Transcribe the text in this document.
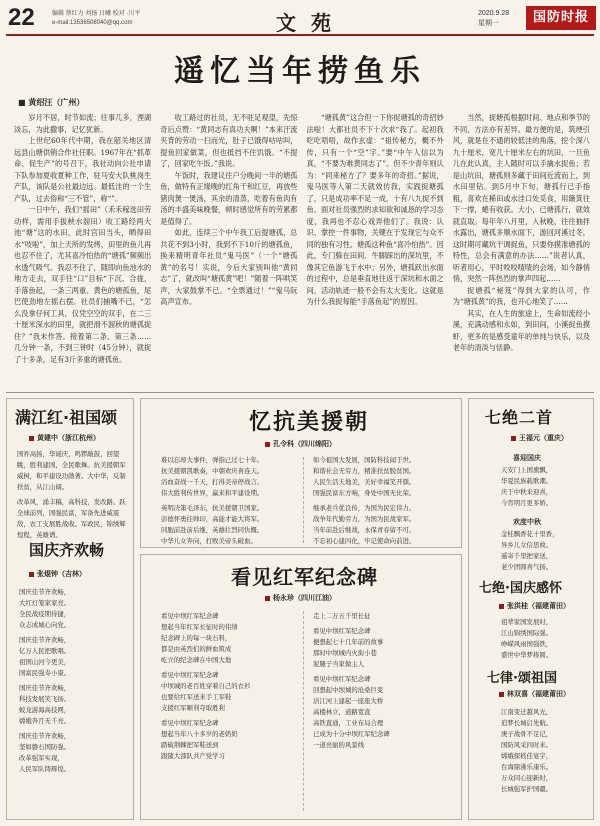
22	编辑 蔡红力 刘扬 日曦 校对 ·川平
e-mail:13536508040@qq.com	文 苑	2020.9.28
星期一	国防时报
遥忆当年捞鱼乐
■ 黄绍汪（广州）

岁月不居，时节如流；往事几多，湮湖淡忘，为此撒事，记忆犹新。

上世纪60年代中期，我在韶关地区清远县山塘供销合作社任职。1967年在“抓革命、促生产”的号召下，我社动向公社申请下队参加夏收夏种工作，驻马安大队桃岗生产队，该队是公社最边远、最低洼的一个生产队，过去俗称“三不管”，称“”。

一日中午，我们“摇田”（禾禾稼选田劳动样，需用手拔秧水溜田）收工路经两大池“塘”这的水田，此时宫田当头，晒得田水“吱啦”，加上天所的发烤，田里的鱼儿再也忍不住了，尤其喜冷怕热的“塘孤”频频出水透气吸气。我忍不住了，随即向鱼池水的地方走去，双手往“口”目标“下沉、合拢，手落鱼起，一条三两重、黄色的塘孤鱼，尾巴使劲地左摇右摆。社员们捕嘴不已，“怎么没拿仔何工具，仅凭空空的双手，在二三十厘米深水的田里，就把滑不溜秋的塘孤捉住？”我未作答。接着第二条、第三条……几分钟一条，不到三钟时（45分钟），就捉了十多条，足有3斤多重的塘孤鱼。

收工路过的社员，无不驻足观望，先惊奇后点赞：“黄同志有真功夫啊！”本来汗流夹背的劳动一扫而光，肚子已饿得咕咕叫，提鱼回家做菜，但也抵挡不住饥饿。“不提了，回家吃午饭。”我说。

午饭时，我建议往户分晚间一半的塘孤鱼，做特有正缘晚的红角干和红豆，再放些猪肉煲一煲汤，其余的清蒸，吃着有鱼肉有汤的丰盛美味晚餐，顿时感觉所有的劳累都是值得了。

如此，连续三个中午我工后提塘孤，总共花不到3小时，我到不下10斤的塘孤鱼，换来精明青年社员“鬼马医”（一个“塘孤黄”的名号！实说，今后大家别叫他“黄同志”了，就改叫“塘孤黄”吧！”随着一阵哄笑声，大家鼓掌不已。“全票通过！”“鬼马阮高声宣布。

“塘孤黄”这合但一下你捉塘孤的奇招妙法啦！大都社员不下十次求“我了。起初我吃吃唔唔，故作玄虚：“祖传秘方，概不外传，只有一个“空”字。”要“中午人信以为真，“不要为难黄同志了”。但不少青年则认为：“同来秘方了？要多年的奇招。”据说，鬼马医等人第二天就效仿我，实践捉塘孤了，只是成功率不足一成，十有八九捉不到鱼。面对社员强烈的求知欲和诚恳的学习态度，我再也不忍心戏弄他们了。我说：认识、掌控一件事物，关键在于发现它与众不同的独有习性。塘孤这种鱼“喜冷怕热”。因此，专门躲在田间、牛脚踩出的深坑里，不像其它鱼游飞于水中；另外，塘孤跃出水面的过程中，总是垂直地往返于深坑和水面之间，活动轨迹一般不会有太大变化。这就是为什么我捉每能“手落鱼起”的原因。

当然，捉塘孤根据时间、地点和季节的不同，方法亦有差异。最方便的是，筑埂引风，就是在不通的较低洼的角落，挖个深八九十厘米，宽几十厘米左右的坑田，一旦鱼儿在此认真，主人随时可以手擒水捉鱼；若是山坑田，塘孤则多藏于田间近流而上，到水田里钻。到5月中下旬，塘孤行已手指粗，喜欢在稀田或水洼口处觅食，用簸箕往下一撑，蜷有收获。大小，已塘孤行，就效就直取。每年年八月里，入秋晚，往往抽拌水露出，塘孤多顺水面下，游回河溪过冬，这时期可藏坑干调捉鱼，只要你摸准塘孤的特性，总会有满意的办法……”说者认真，听者用心，平时咬咬喳喳的会场，如今静悄悄，突然一阵热烈的掌声四起……

捉塘孤“秘笈”得到大家的认可，作为“塘孤黄”的我，也开心地笑了……

其实，在人生的旅途上，生命如流经小溪，充满动感和永如，到田间，小溪捉鱼摸虾，更多的是感受童年的单纯与快乐，以及老年的清淡与恬静。

满江红·祖国颂
黄建中（浙江杭州）

国祚高扬，华诞庆，鸣锣敲鼓，回望眺，胜利建国，全民歌舞。抗美援朝军威树，和平建设功勋著。大中华，反制扶贫，从江山阔。

改革风，涌丰稿，高科技，发改路。跃全球前列，国强民富，军备先进威震敌，农工支展胜战收。军政民，锦绣辉煌程，英雄谱。

国庆齐欢畅
张焜钟（吉林）

国庆佳节齐欢畅，
大红灯笼家家亮。
全民战疫期待捷，
众志成城心向党。

国庆佳节齐欢畅，
亿万人民把歌唱。
祖国山河今更美，
国富民强寿小康。

国庆佳节齐欢畅，
科技发展笑飞扬。
蛟龙游海高技网，
嫦娥奔月无千亮。

国庆佳节齐欢畅，
坚如磐石国防强。
改革强军实现，
人民军队铸辉煌。

忆抗美援朝
孔令科（四川绵阳）

难以忘却大事件，弹指已过七十年。
抗美援朝凯歌奏，中朝欢庆喜连天。
浴血奋战一千天，打得美帝停战言。
伟大胜利传世界，赢来和平建设期。

英明决策毛泽东，抗美援朝卫国家。
彭德怀勇挂帅印，高能才能大将军。
同胞前赴前后继，英雄壮烈同仇慨。
中华儿女奔向，打败美帝头破血。

如今祖国大发展，国防科技闻于世。
和谐社会无穷力，精准扶贫脱贫国。
人民生活天地美，美好幸福笑开颜。
国强民富东方响，身处中国无比荣。

继承老兵优良传，为国为民宏伟力。
战争年代勤劳力，为国为民战家军。
当年前赴后继战，永保青春留不可。
不忘初心建四化，牢记使命向前进。

看见红军纪念碑
杨永珍（四川江油）

看见中坝红军纪念碑
想起当年红军长征时的伟绩
纪念碑上的每一块石料，
都是由英烈们的鲜血筑成
屹立的纪念碑在中国大地

看见中坝红军纪念碑
中坝城的老百姓穿着自己的衣衫
也要给红军送来手工军鞋
支援红军顺利夺取胜利

看见中坝红军纪念碑
想起当年八十多岁的老奶奶
踏破荆棘把军鞋送到
跟随大部队共产党学习

走上二万五千里长征

看见中坝红军纪念碑
便想起七十几年前的故事
那时中坝城内火街小巷
泥腿子当家做主人

看见中坝红军纪念碑
回想起中坝城的沧桑巨变
涪江河上建起一座座大桥
高楼林立，道路宽直
高铁直通，工业布局合理
已成为十分中坝红军纪念碑
一道亮丽的风景线

七绝二首
王福元（重庆）
喜迎国庆
天安门上国旗飘，
华夏民族载歌潮。
庆于中秋来迎喜，
今宵明月更多娇。
欢度中秋
金桂飘香花十里香，
异乡儿女信思故。
遥寄千里把家送，
老少团圆喜气扬。
七绝·国庆感怀
张洪桂（福建莆田）
祖辈家国发展时，
江山锦绣国际强。
峥嵘风雨国强铁，
盛世中华梦将圆。
七律·颂祖国
林双喜（福建莆田）
江南变迁越风光，
追梦长城启先航。
庚子战骨不足记，
国防风采四时来。
嫦娥探嵇佳宴宇，
台海鼎沸乐康乐。
万众同心迎新时，
长城强军护国疆。
